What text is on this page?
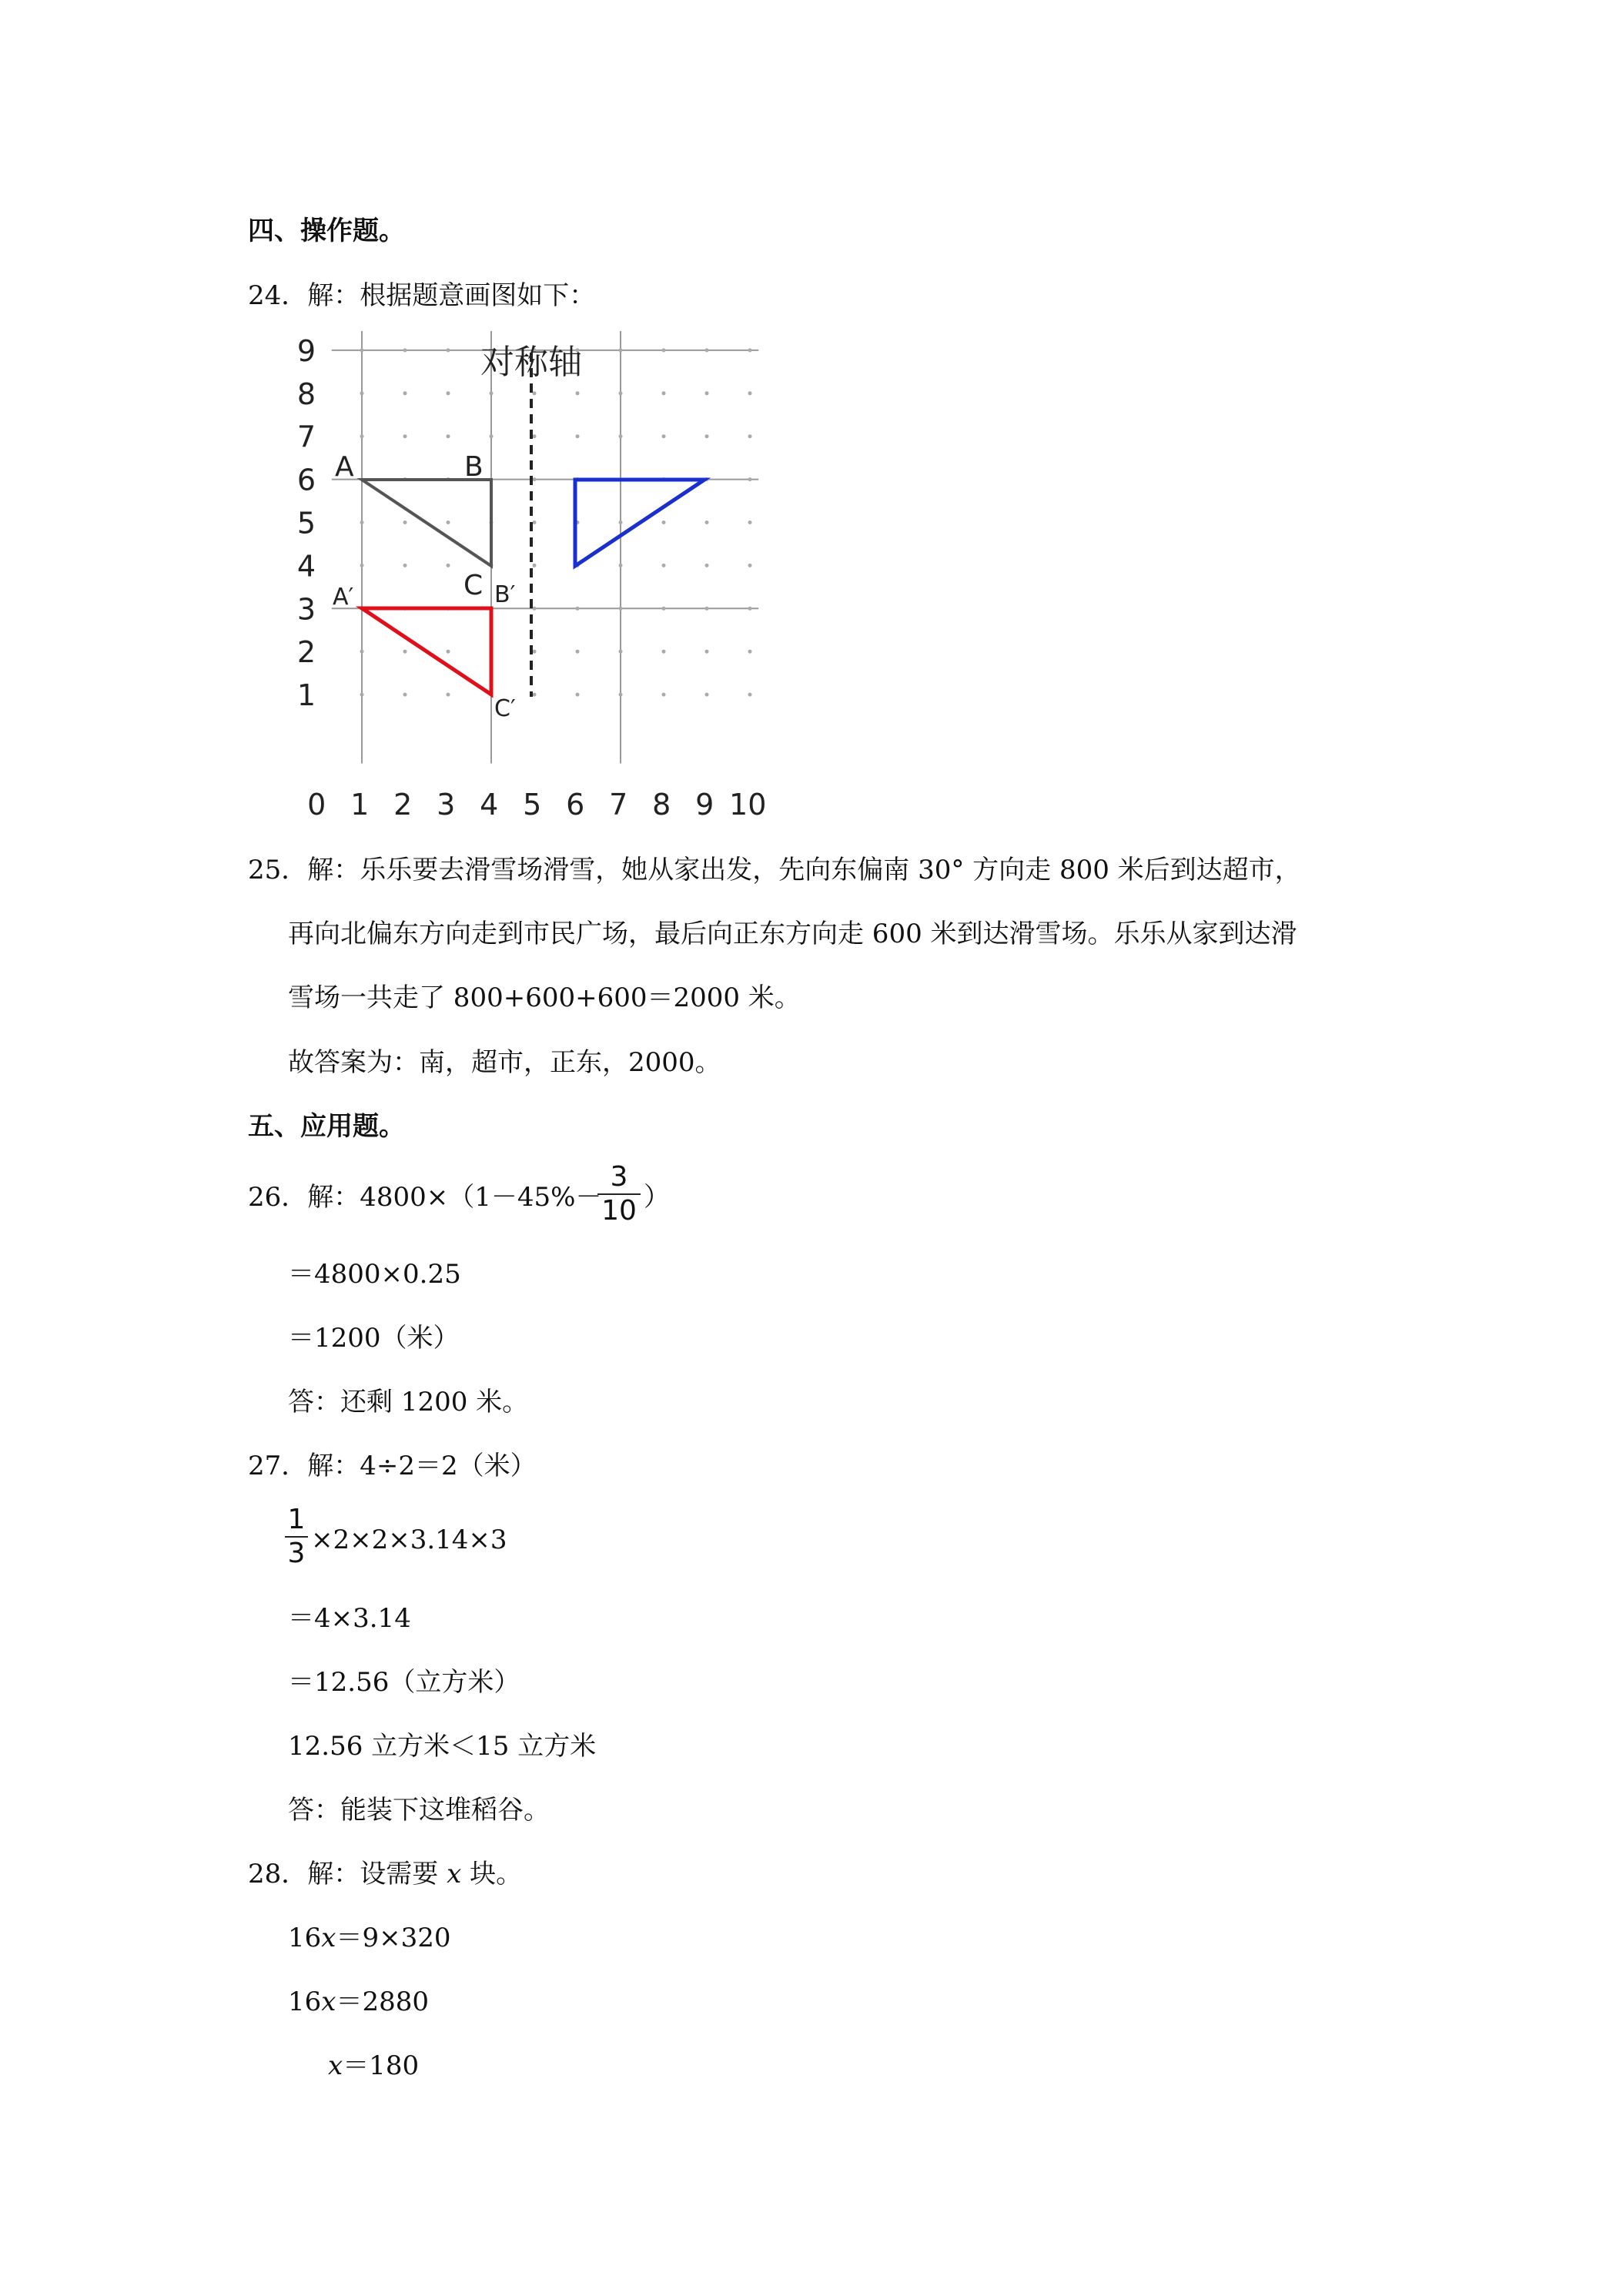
四、操作题。
24．解：根据题意画图如下：
对称轴
0 1 2 3 4 5 6 7 8 9 10
1
2
3
4
5
6
7
8
9
A	B
C
A′	B′
C′
25．解：乐乐要去滑雪场滑雪，她从家出发，先向东偏南 30° 方向走 800 米后到达超市，
再向北偏东方向走到市民广场，最后向正东方向走 600 米到达滑雪场。乐乐从家到达滑
雪场一共走了 800+600+600＝2000 米。
故答案为：南，超市，正东，2000。
五、应用题。
26．解：4800×（1－45%－
3
10 ）
＝4800×0.25
＝1200（米）
答：还剩 1200 米。
27．解：4÷2＝2（米）
1
3 ×2×2×3.14×3
＝4×3.14
＝12.56（立方米）
12.56 立方米＜15 立方米
答：能装下这堆稻谷。
28．解：设需要 x 块。
16x＝9×320
16x＝2880
x＝180
